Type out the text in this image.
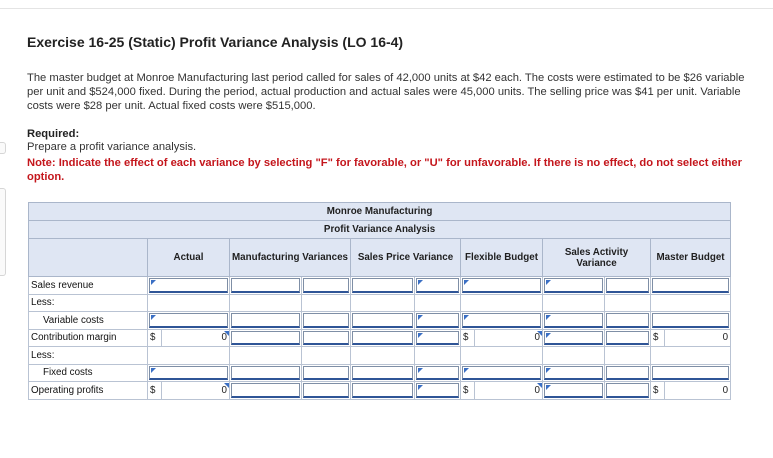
Exercise 16-25 (Static) Profit Variance Analysis (LO 16-4)
The master budget at Monroe Manufacturing last period called for sales of 42,000 units at $42 each. The costs were estimated to be $26 variable per unit and $524,000 fixed. During the period, actual production and actual sales were 45,000 units. The selling price was $41 per unit. Variable costs were $28 per unit. Actual fixed costs were $515,000.
Required:
Prepare a profit variance analysis.
Note: Indicate the effect of each variance by selecting "F" for favorable, or "U" for unfavorable. If there is no effect, do not select either option.
Monroe Manufacturing												
Profit Variance Analysis												
	Actual		Manufacturing Variances		Sales Price Variance		Flexible Budget		Sales Activity Variance		Master Budget	
Sales revenue				

Less:												
Variable costs				

Contribution margin	$	0					$	0			$	0
Less:												
Fixed costs				

Operating profits	$	0					$	0			$	0
